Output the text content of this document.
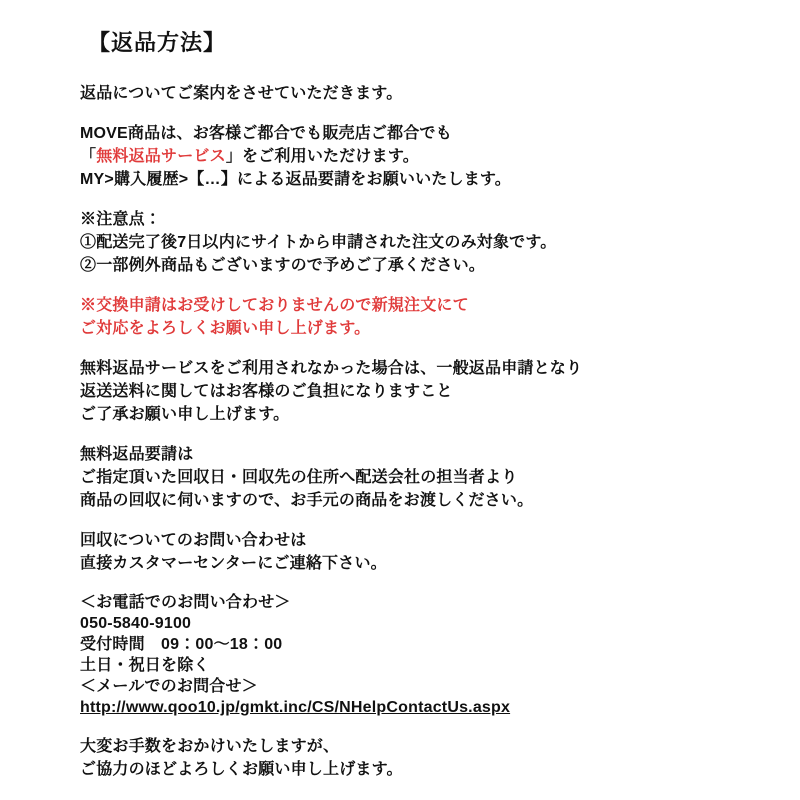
【返品方法】

返品についてご案内をさせていただきます。

MOVE商品は、お客様ご都合でも販売店ご都合でも
「無料返品サービス」をご利用いただけます。
MY>購入履歴>【…】による返品要請をお願いいたします。

※注意点：
①配送完了後7日以内にサイトから申請された注文のみ対象です。
②一部例外商品もございますので予めご了承ください。

※交換申請はお受けしておりませんので新規注文にて
ご対応をよろしくお願い申し上げます。

無料返品サービスをご利用されなかった場合は、一般返品申請となり
返送送料に関してはお客様のご負担になりますこと
ご了承お願い申し上げます。

無料返品要請は
ご指定頂いた回収日・回収先の住所へ配送会社の担当者より
商品の回収に伺いますので、お手元の商品をお渡しください。

回収についてのお問い合わせは
直接カスタマーセンターにご連絡下さい。

＜お電話でのお問い合わせ＞
050-5840-9100
受付時間　09：00～18：00
土日・祝日を除く
＜メールでのお問合せ＞
http://www.qoo10.jp/gmkt.inc/CS/NHelpContactUs.aspx

大変お手数をおかけいたしますが、
ご協力のほどよろしくお願い申し上げます。
